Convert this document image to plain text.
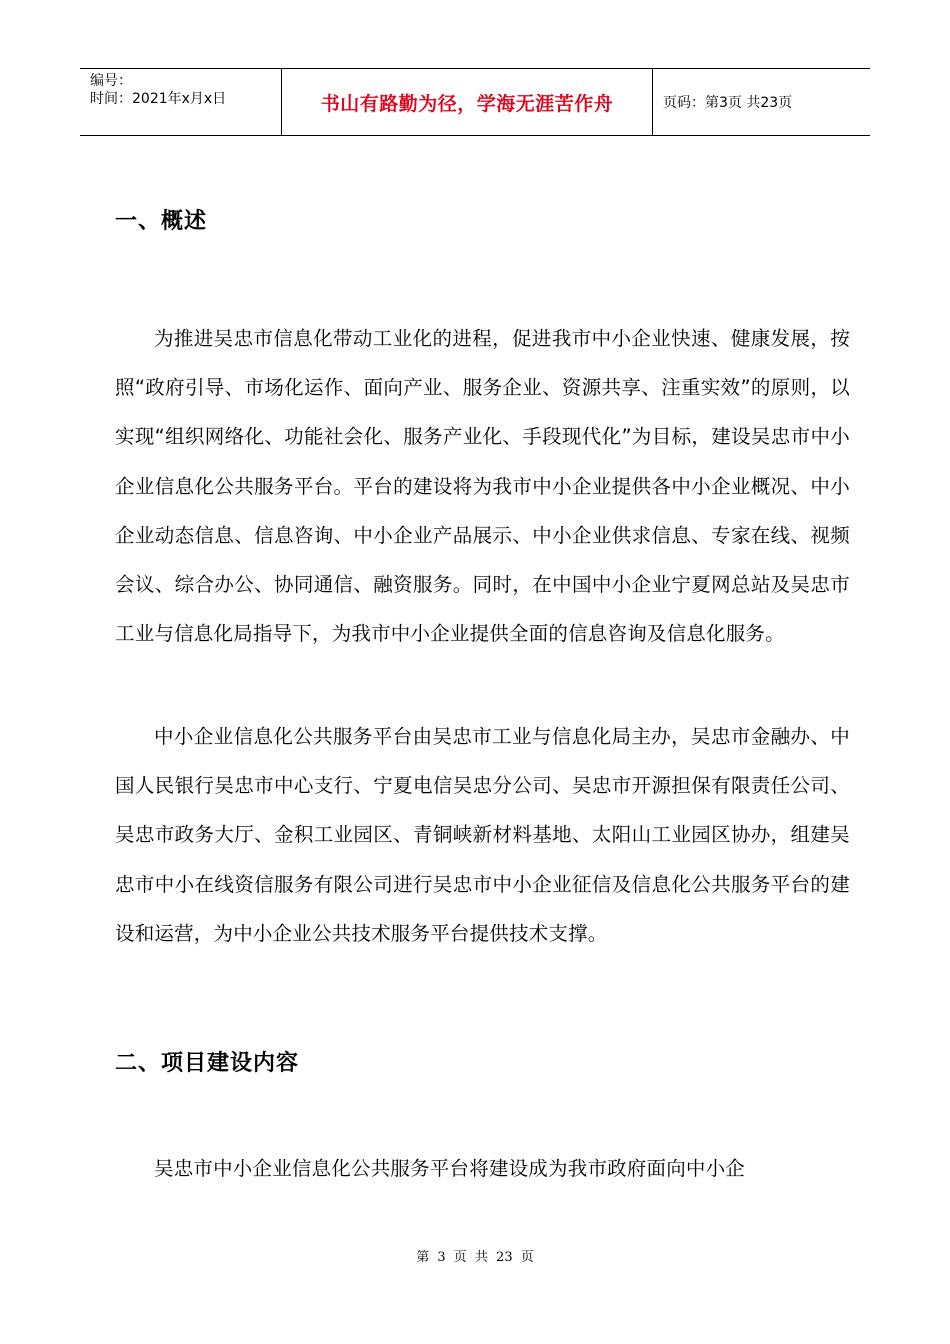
编号：
时间：2021年x月x日	书山有路勤为径，学海无涯苦作舟	页码：第3页 共23页
一、概述
为推进吴忠市信息化带动工业化的进程，促进我市中小企业快速、健康发展，按照“政府引导、市场化运作、面向产业、服务企业、资源共享、注重实效”的原则，以实现“组织网络化、功能社会化、服务产业化、手段现代化”为目标，建设吴忠市中小企业信息化公共服务平台。平台的建设将为我市中小企业提供各中小企业概况、中小企业动态信息、信息咨询、中小企业产品展示、中小企业供求信息、专家在线、视频会议、综合办公、协同通信、融资服务。同时，在中国中小企业宁夏网总站及吴忠市工业与信息化局指导下，为我市中小企业提供全面的信息咨询及信息化服务。
中小企业信息化公共服务平台由吴忠市工业与信息化局主办，吴忠市金融办、中国人民银行吴忠市中心支行、宁夏电信吴忠分公司、吴忠市开源担保有限责任公司、吴忠市政务大厅、金积工业园区、青铜峡新材料基地、太阳山工业园区协办，组建吴忠市中小在线资信服务有限公司进行吴忠市中小企业征信及信息化公共服务平台的建设和运营，为中小企业公共技术服务平台提供技术支撑。
二、项目建设内容
吴忠市中小企业信息化公共服务平台将建设成为我市政府面向中小企
第 3 页 共 23 页
